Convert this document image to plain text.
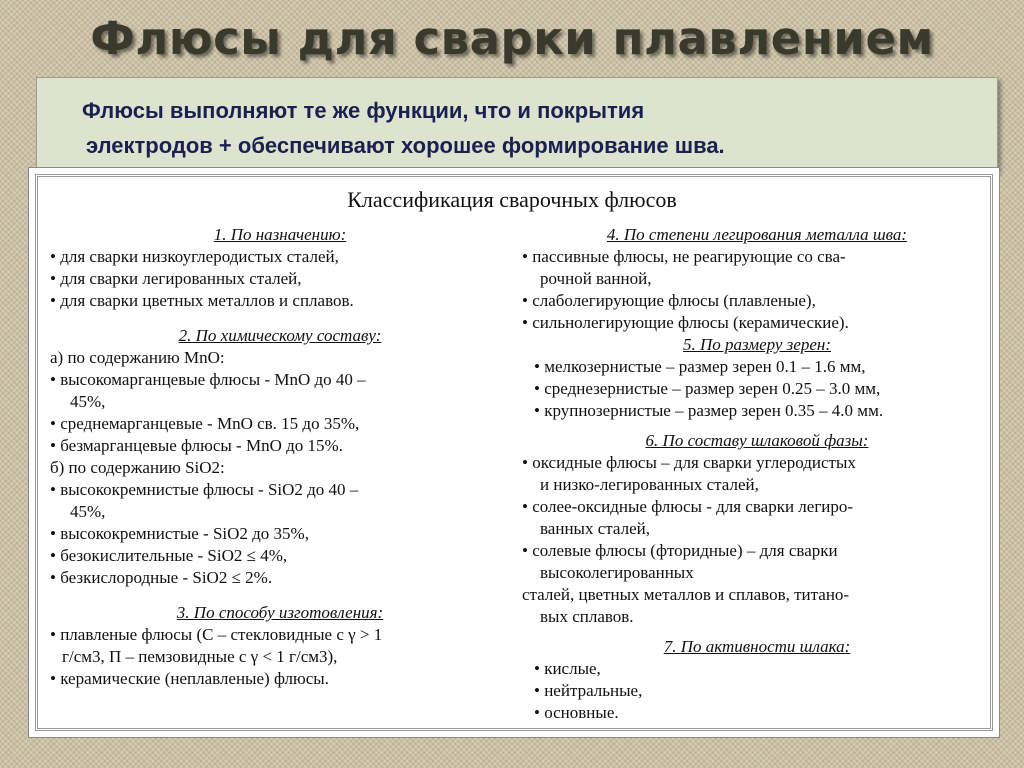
Флюсы для сварки плавлением
Флюсы выполняют те же функции, что и покрытия
электродов + обеспечивают хорошее формирование шва.
Классификация сварочных флюсов

1. По назначению:

• для сварки низкоуглеродистых сталей,

• для сварки легированных сталей,

• для сварки цветных металлов и сплавов.

2. По химическому составу:

а) по содержанию MnO:

• высокомарганцевые флюсы - MnO до 40 –

45%,

• среднемарганцевые - MnO св. 15 до 35%,

• безмарганцевые флюсы - MnO до 15%.

б) по содержанию SiO2:

• высококремнистые флюсы - SiO2 до 40 –

45%,

• высококремнистые - SiO2 до 35%,

• безокислительные - SiO2 ≤ 4%,

• безкислородные - SiO2 ≤ 2%.

3. По способу изготовления:

• плавленые флюсы (С – стекловидные с γ > 1

г/см3, П – пемзовидные с γ < 1 г/см3),

• керамические (неплавленые) флюсы.

4. По степени легирования металла шва:

• пассивные флюсы, не реагирующие со сва-

рочной ванной,

• слаболегирующие флюсы (плавленые),

• сильнолегирующие флюсы (керамические).

5. По размеру зерен:

• мелкозернистые – размер зерен 0.1 – 1.6 мм,

• среднезернистые – размер зерен 0.25 – 3.0 мм,

• крупнозернистые – размер зерен 0.35 – 4.0 мм.

6. По составу шлаковой фазы:

• оксидные флюсы – для сварки углеродистых

и низко-легированных сталей,

• солее-оксидные флюсы - для сварки легиро-

ванных сталей,

• солевые флюсы (фторидные) – для сварки

высоколегированных

сталей, цветных металлов и сплавов, титано-

вых сплавов.

7. По активности шлака:

• кислые,

• нейтральные,

• основные.
